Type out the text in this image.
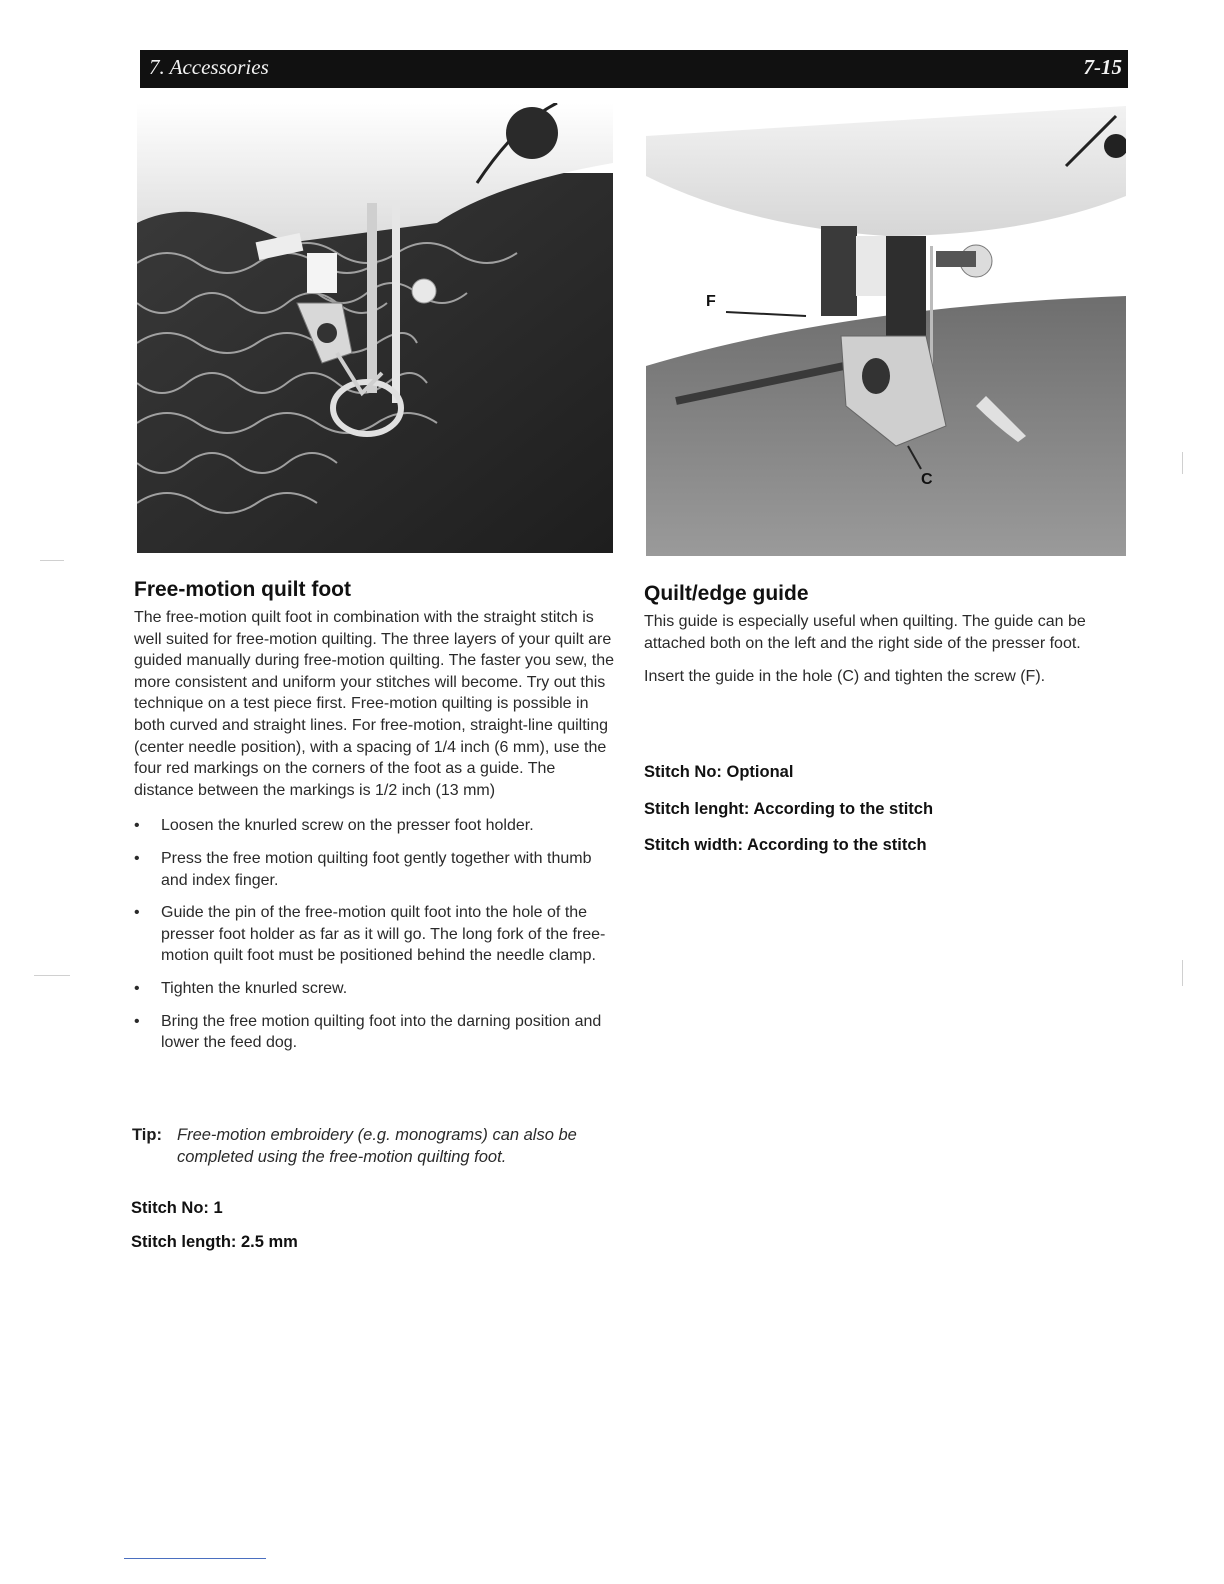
7. Accessories	7-15
F
C
Free-motion quilt foot

The free-motion quilt foot in combination with the straight stitch is well suited for free-motion quilting. The three layers of your quilt are guided manually during free-motion quilting. The faster you sew, the more consistent and uniform your stitches will become. Try out this technique on a test piece first. Free-motion quilting is possible in both curved and straight lines. For free-motion, straight-line quilting (center needle position), with a spacing of 1/4 inch (6 mm), use the four red markings on the corners of the foot as a guide. The distance between the markings is 1/2 inch (13 mm)

• Loosen the knurled screw on the presser foot holder.
• Press the free motion quilting foot gently together with thumb and index finger.
• Guide the pin of the free-motion quilt foot into the hole of the presser foot holder as far as it will go. The long fork of the free-motion quilt foot must be positioned behind the needle clamp.
• Tighten the knurled screw.
• Bring the free motion quilting foot into the darning position and lower the feed dog.
Tip: Free-motion embroidery (e.g. monograms) can also be completed using the free-motion quilting foot.

Stitch No: 1

Stitch length: 2.5 mm

Quilt/edge guide

This guide is especially useful when quilting. The guide can be attached both on the left and the right side of the presser foot.

Insert the guide in the hole (C) and tighten the screw (F).

Stitch No: Optional

Stitch lenght: According to the stitch

Stitch width: According to the stitch
